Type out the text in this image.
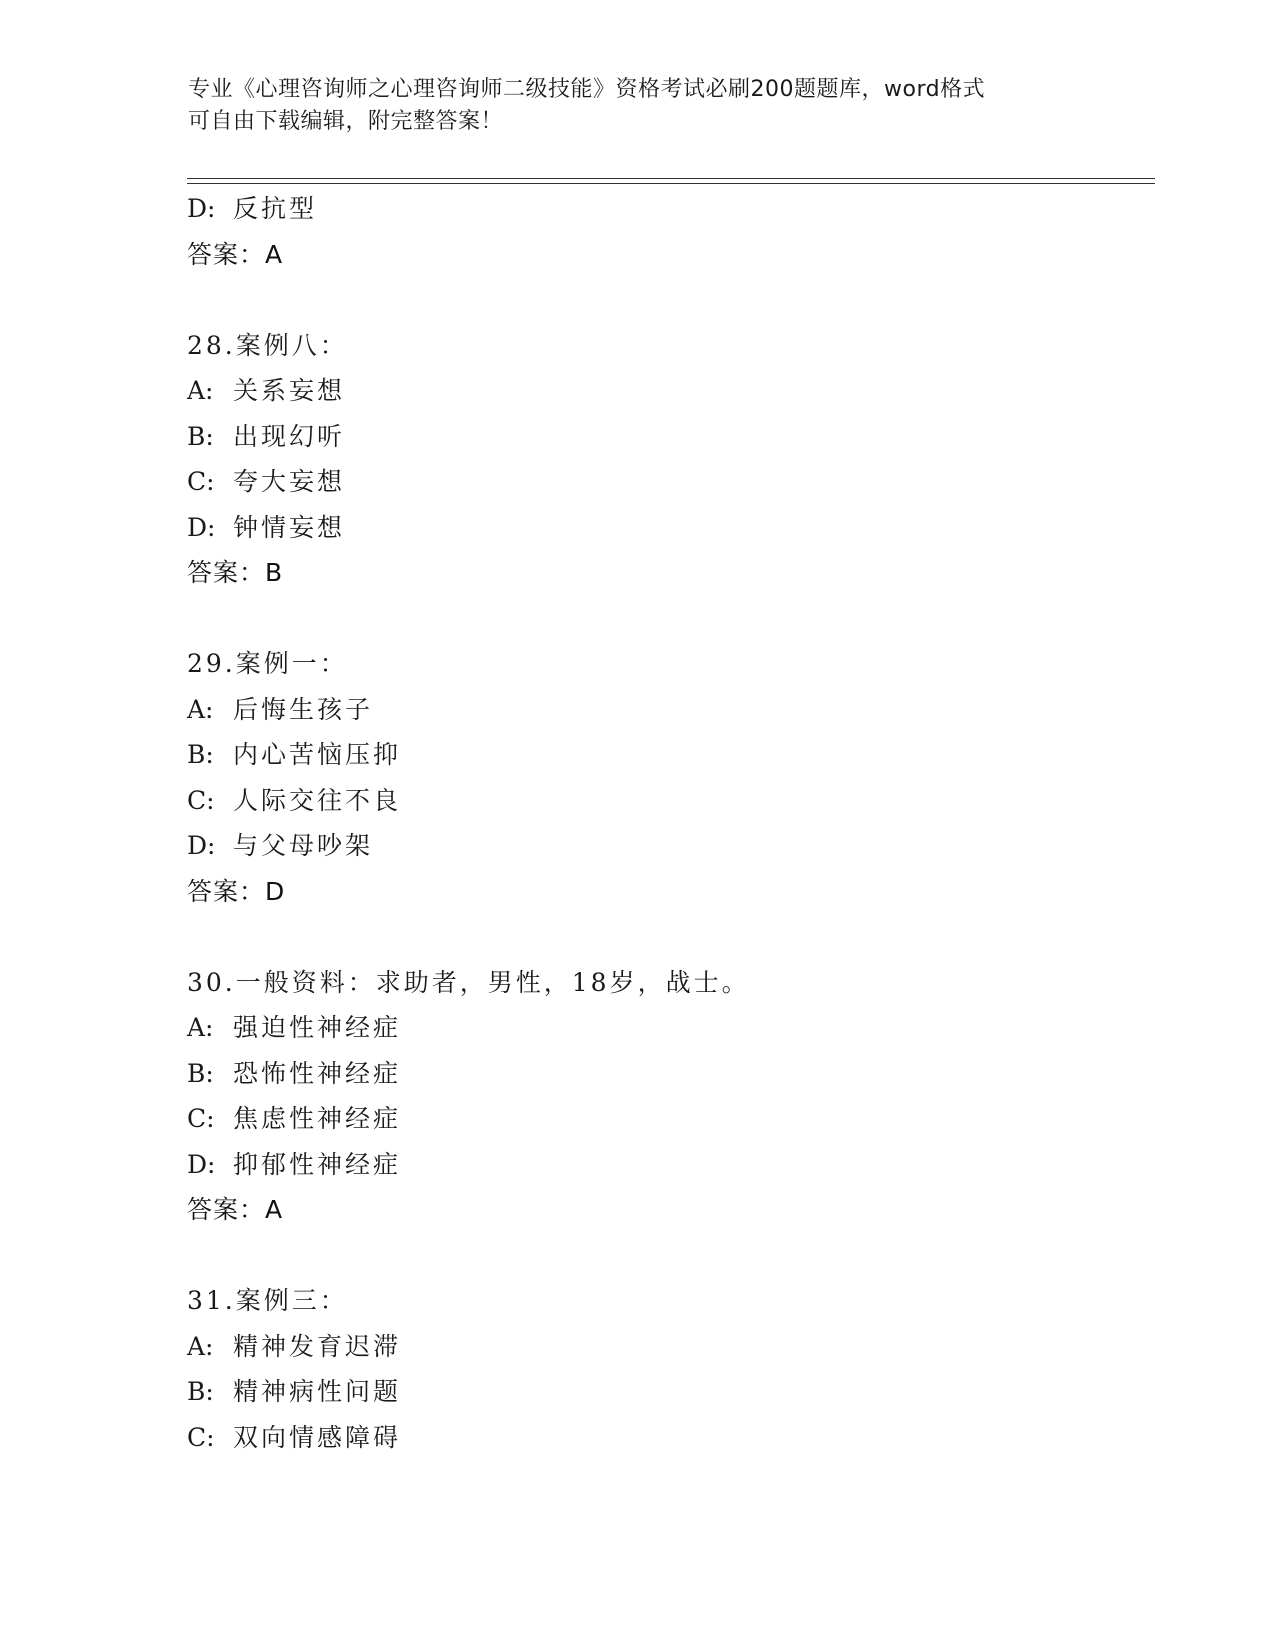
专业《心理咨询师之心理咨询师二级技能》资格考试必刷200题题库，word格式
可自由下载编辑，附完整答案！
D: 反抗型
答案：A
28.案例八：
A: 关系妄想
B: 出现幻听
C: 夸大妄想
D: 钟情妄想
答案：B
29.案例一：
A: 后悔生孩子
B: 内心苦恼压抑
C: 人际交往不良
D: 与父母吵架
答案：D
30.一般资料：求助者，男性，18岁，战士。
A: 强迫性神经症
B: 恐怖性神经症
C: 焦虑性神经症
D: 抑郁性神经症
答案：A
31.案例三：
A: 精神发育迟滞
B: 精神病性问题
C: 双向情感障碍
